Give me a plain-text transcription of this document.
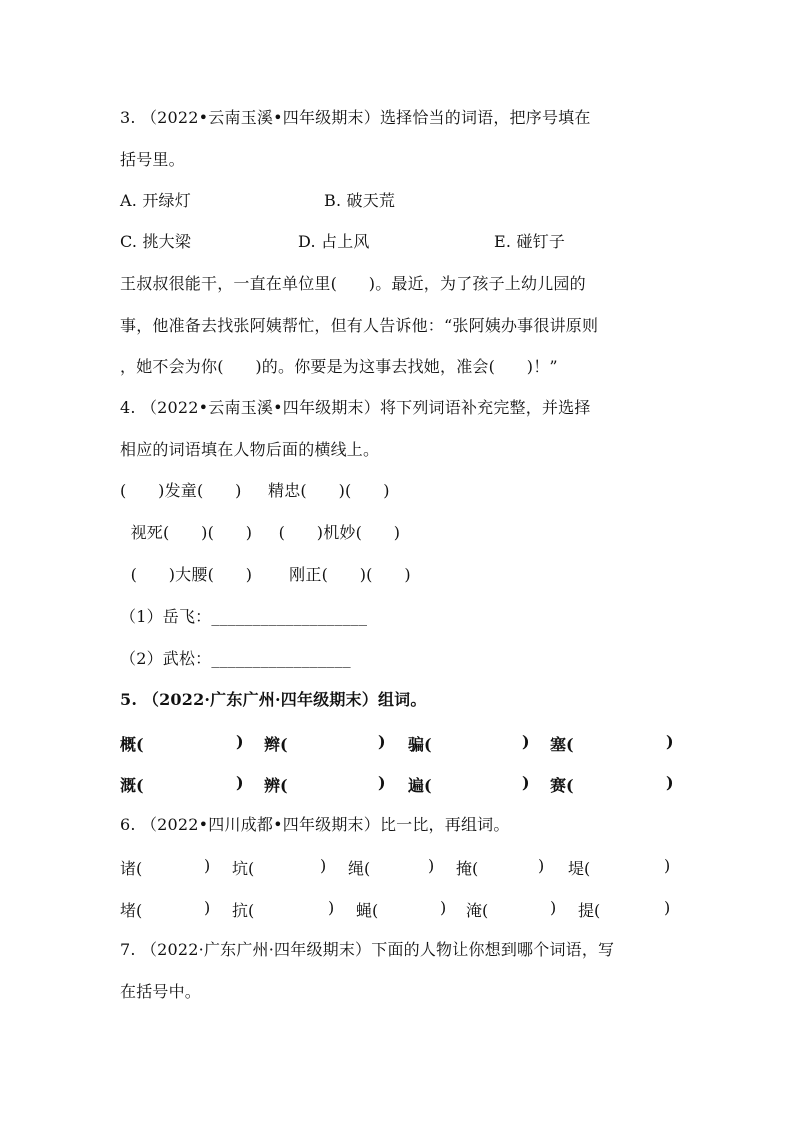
3. （2022•云南玉溪•四年级期末）选择恰当的词语，把序号填在
括号里。
A. 开绿灯	B. 破天荒
C. 挑大梁	D. 占上风	E. 碰钉子
王叔叔很能干，一直在单位里(      )。最近，为了孩子上幼儿园的
事，他准备去找张阿姨帮忙，但有人告诉他：“张阿姨办事很讲原则
，她不会为你(      )的。你要是为这事去找她，准会(      )！”
4. （2022•云南玉溪•四年级期末）将下列词语补充完整，并选择
相应的词语填在人物后面的横线上。
(      )发童(      )     精忠(      )(      )
视死(      )(      )     (      )机妙(      )
(      )大腰(      )       刚正(      )(      )
（1）岳飞：___________________
（2）武松：_________________
5. （2022·广东广州·四年级期末）组词。
概(	) 辫(	) 骗(	) 塞(	)
溉(	) 辨(	) 遍(	) 赛(	)
6. （2022•四川成都•四年级期末）比一比，再组词。
诸(	) 坑(	) 绳(	) 掩(	) 堤(	)
堵(	) 抗(	) 蝇(	) 淹(	) 提(	)
7. （2022·广东广州·四年级期末）下面的人物让你想到哪个词语，写
在括号中。
